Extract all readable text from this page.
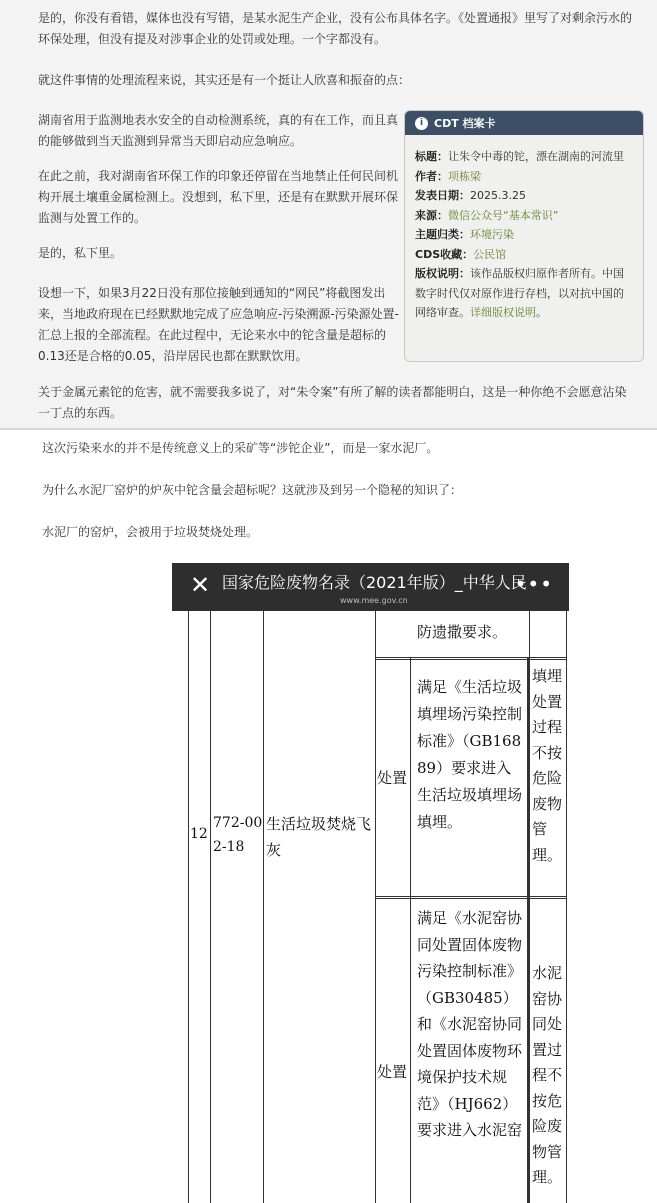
是的，你没有看错，媒体也没有写错，是某水泥生产企业，没有公布具体名字。《处置通报》里写了对剩余污水的环保处理，但没有提及对涉事企业的处罚或处理。一个字都没有。

就这件事情的处理流程来说，其实还是有一个挺让人欣喜和振奋的点：

湖南省用于监测地表水安全的自动检测系统，真的有在工作，而且真的能够做到当天监测到异常当天即启动应急响应。

在此之前，我对湖南省环保工作的印象还停留在当地禁止任何民间机构开展土壤重金属检测上。没想到，私下里，还是有在默默开展环保监测与处置工作的。

是的，私下里。

设想一下，如果3月22日没有那位接触到通知的“网民”将截图发出来，当地政府现在已经默默地完成了应急响应-污染溯源-污染源处置-汇总上报的全部流程。在此过程中，无论来水中的铊含量是超标的0.13还是合格的0.05，沿岸居民也都在默默饮用。

关于金属元素铊的危害，就不需要我多说了，对“朱令案”有所了解的读者都能明白，这是一种你绝不会愿意沾染一丁点的东西。

i CDT 档案卡

标题：让朱令中毒的铊，漂在湖南的河流里

作者：项栋梁

发表日期：2025.3.25

来源：微信公众号“基本常识”

主题归类：环境污染

CDS收藏：公民馆

版权说明：该作品版权归原作者所有。中国数字时代仅对原作进行存档，以对抗中国的网络审查。详细版权说明。

这次污染来水的并不是传统意义上的采矿等“涉铊企业”，而是一家水泥厂。

为什么水泥厂窑炉的炉灰中铊含量会超标呢？这就涉及到另一个隐秘的知识了：

水泥厂的窑炉，会被用于垃圾焚烧处理。

✕ 国家危险废物名录（2021年版）_中华人民
www.mee.gov.cn
•••
12
772-002-18
生活垃圾焚烧飞灰
防遗撒要求。
处置
满足《生活垃圾填埋场污染控制标准》（GB16889）要求进入生活垃圾填埋场填埋。
填埋处置过程不按危险废物管理。
处置
满足《水泥窑协同处置固体废物污染控制标准》（GB30485）和《水泥窑协同处置固体废物环境保护技术规范》（HJ662）要求进入水泥窑
水泥窑协同处置过程不按危险废物管理。
